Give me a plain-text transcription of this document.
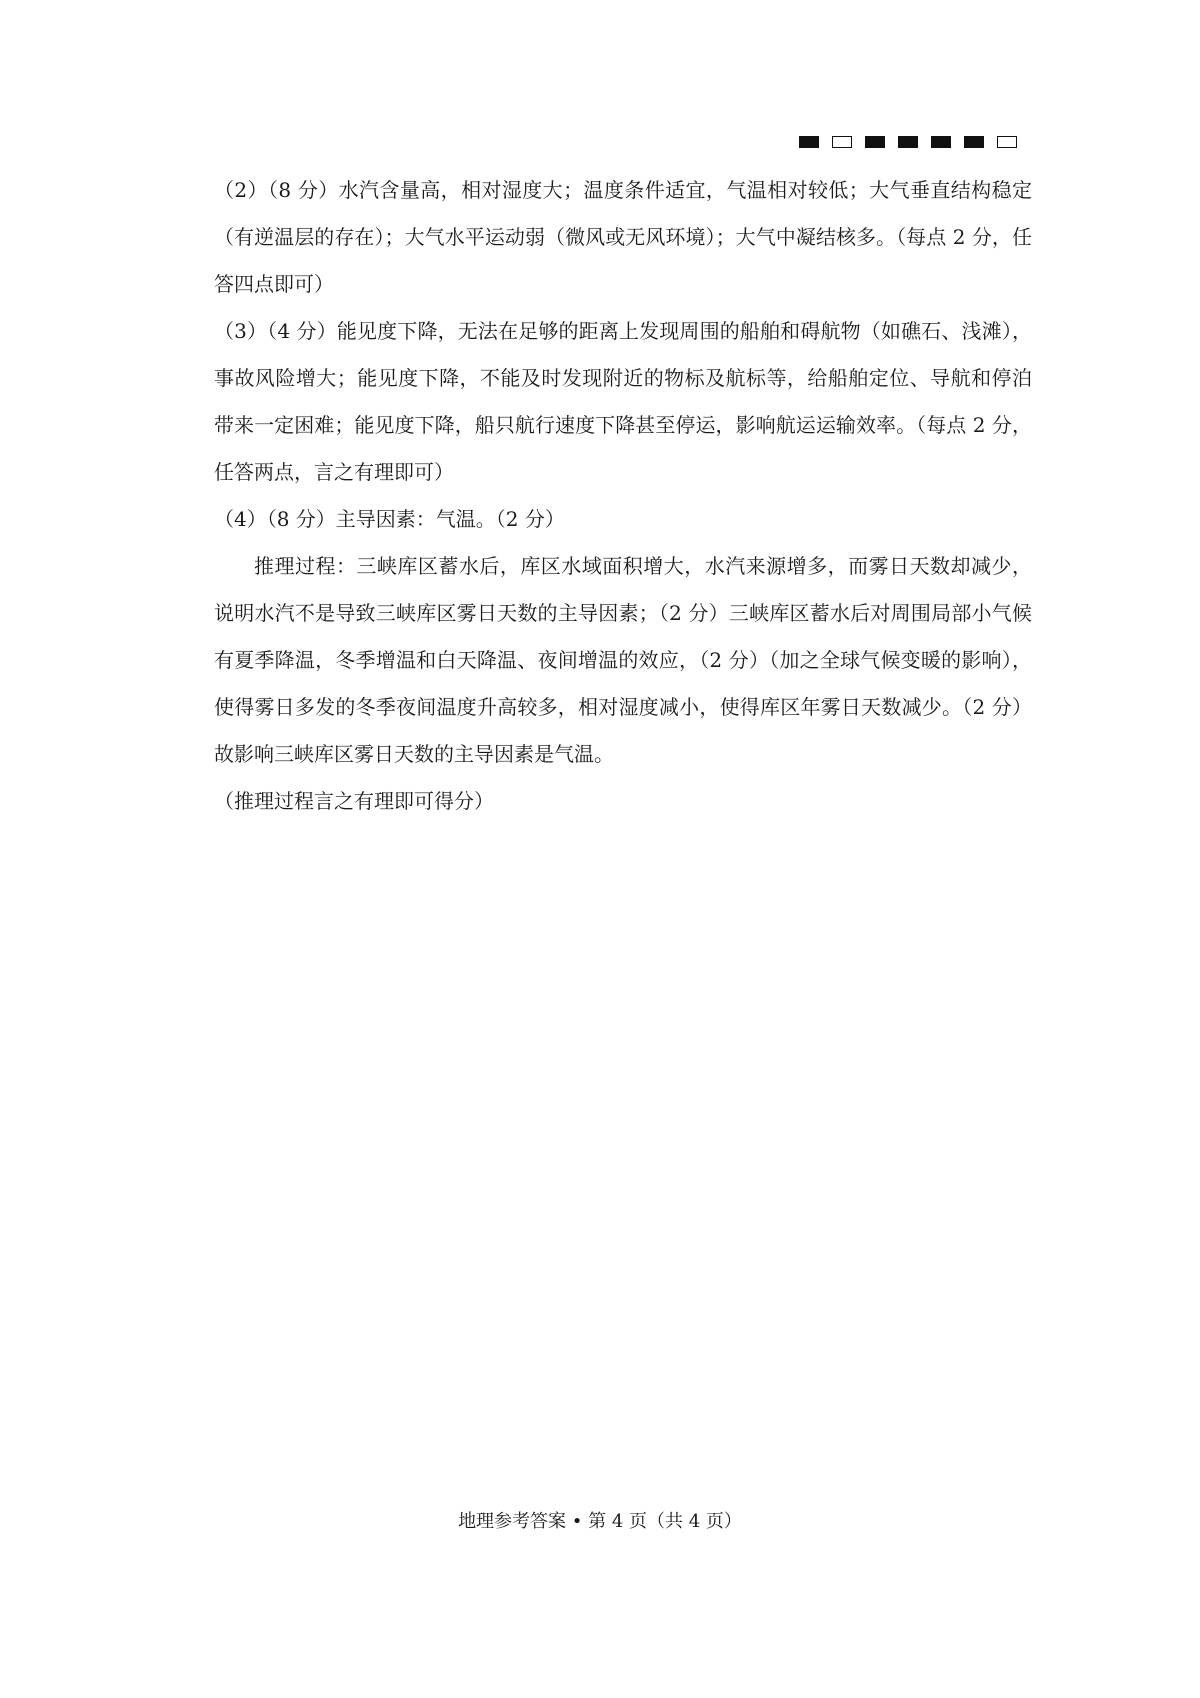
（2）（8 分）水汽含量高，相对湿度大；温度条件适宜，气温相对较低；大气垂直结构稳定（有逆温层的存在）；大气水平运动弱（微风或无风环境）；大气中凝结核多。（每点 2 分，任答四点即可）

（3）（4 分）能见度下降，无法在足够的距离上发现周围的船舶和碍航物（如礁石、浅滩），事故风险增大；能见度下降，不能及时发现附近的物标及航标等，给船舶定位、导航和停泊带来一定困难；能见度下降，船只航行速度下降甚至停运，影响航运运输效率。（每点 2 分，任答两点，言之有理即可）

（4）（8 分）主导因素：气温。（2 分）

推理过程：三峡库区蓄水后，库区水域面积增大，水汽来源增多，而雾日天数却减少，说明水汽不是导致三峡库区雾日天数的主导因素；（2 分）三峡库区蓄水后对周围局部小气候有夏季降温，冬季增温和白天降温、夜间增温的效应，（2 分）（加之全球气候变暖的影响），使得雾日多发的冬季夜间温度升高较多，相对湿度减小，使得库区年雾日天数减少。（2 分）故影响三峡库区雾日天数的主导因素是气温。

（推理过程言之有理即可得分）

地理参考答案 • 第 4 页（共 4 页）
